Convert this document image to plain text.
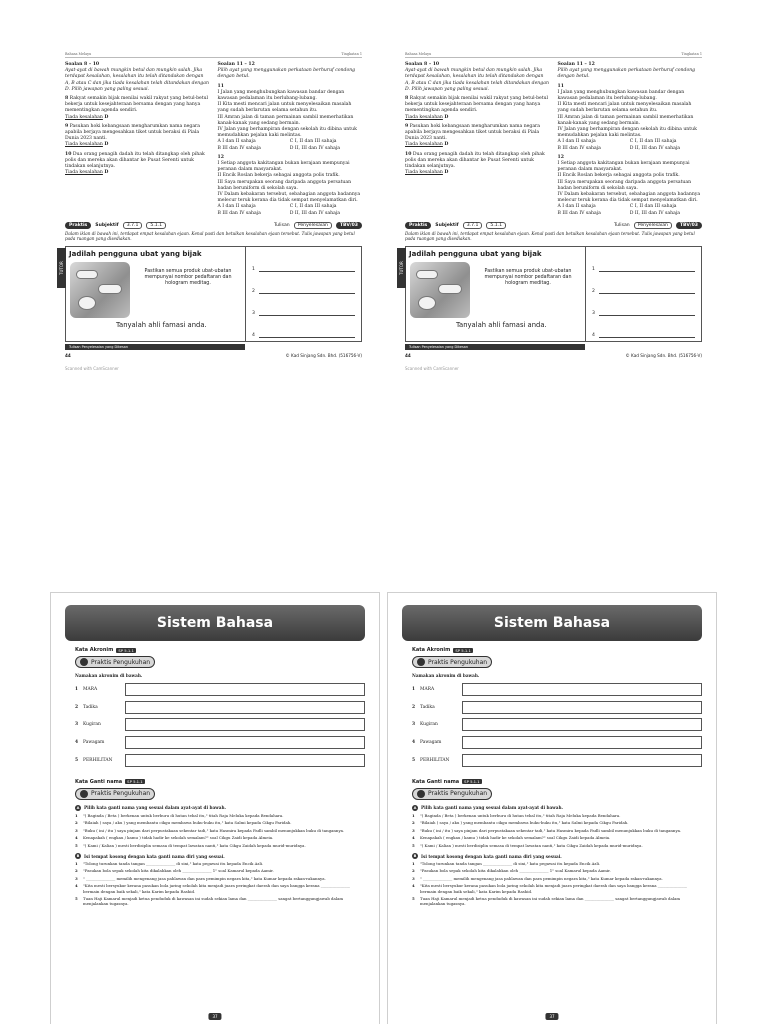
Bahasa Melayu	Tingkatan 1
TUTOR
Soalan 8 – 10
Ayat-ayat di bawah mungkin betul dan mungkin salah. Jika terdapat kesalahan, kesalahan itu telah ditandakan dengan A, B atau C dan jika tiada kesalahan telah ditandakan dengan D. Pilih jawapan yang paling sesuai.
8 Rakyat semakin bijak menilai wakil rakyat yang betul-betul bekerja untuk kesejahteraan bersama dengan yang hanya mementingkan agenda sendiri.
Tiada kesalahan D
9 Pasukan hoki kebangsaan mengharumkan nama negara apabila berjaya mengesahkan tiket untuk beraksi di Piala Dunia 2023 nanti.
Tiada kesalahan D
10 Dua orang penagih dadah itu telah ditangkap oleh pihak polis dan mereka akan dihantar ke Pusat Serenti untuk tindakan selanjutnya.
Tiada kesalahan D
Soalan 11 – 12
Pilih ayat yang menggunakan perkataan berhuruf condong dengan betul.
11
I Jalan yang menghubungkan kawasan bandar dengan kawasan pedalaman itu berlubang-lubang.
II Kita mesti mencari jalan untuk menyelesaikan masalah yang sudah berlarutan selama setahun itu.
III Amran jalan di taman permainan sambil memerhatikan kanak-kanak yang sedang bermain.
IV Jalan yang berhampiran dengan sekolah itu dibina untuk memudahkan pejalan kaki melintas.
A I dan II sahaja	C I, II dan III sahaja
B III dan IV sahaja	D II, III dan IV sahaja
12
I Setiap anggota kakitangan bukan kerajaan mempunyai peranan dalam masyarakat.
II Encik Roslan bekerja sebagai anggota polis trafik.
III Saya merupakan seorang daripada anggota persatuan badan beruniform di sekolah saya.
IV Dalam kebakaran tersebut, sebahagian anggota badannya melecur teruk kerana dia tidak sempat menyelamatkan diri.
A I dan II sahaja	C I, II dan III sahaja
B III dan IV sahaja	D II, III dan IV sahaja
Praktis	Subjektif	3.7.1	5.1.1	Tulisan	Penyelesaian	TBV/03
Dalam iklan di bawah ini, terdapat empat kesalahan ejaan. Kenal pasti dan betulkan kesalahan ejaan tersebut. Tulis jawapan yang betul pada ruangan yang disediakan.
Jadilah pengguna ubat yang bijak
Pastikan semua produk ubat-ubatan mempunyai nombor pedaftaran dan hologram meditag.
Tanyalah ahli famasi anda.
1
2
3
4
Tulisan Penyelesaian yang Dikesan
44	© Kad Sinjang Sdn. Bhd. (516756-V)
Scanned with CamScanner
Bahasa Melayu	Tingkatan 1
TUTOR
Soalan 8 – 10
Ayat-ayat di bawah mungkin betul dan mungkin salah. Jika terdapat kesalahan, kesalahan itu telah ditandakan dengan A, B atau C dan jika tiada kesalahan telah ditandakan dengan D. Pilih jawapan yang paling sesuai.
8 Rakyat semakin bijak menilai wakil rakyat yang betul-betul bekerja untuk kesejahteraan bersama dengan yang hanya mementingkan agenda sendiri.
Tiada kesalahan D
9 Pasukan hoki kebangsaan mengharumkan nama negara apabila berjaya mengesahkan tiket untuk beraksi di Piala Dunia 2023 nanti.
Tiada kesalahan D
10 Dua orang penagih dadah itu telah ditangkap oleh pihak polis dan mereka akan dihantar ke Pusat Serenti untuk tindakan selanjutnya.
Tiada kesalahan D
Soalan 11 – 12
Pilih ayat yang menggunakan perkataan berhuruf condong dengan betul.
11
I Jalan yang menghubungkan kawasan bandar dengan kawasan pedalaman itu berlubang-lubang.
II Kita mesti mencari jalan untuk menyelesaikan masalah yang sudah berlarutan selama setahun itu.
III Amran jalan di taman permainan sambil memerhatikan kanak-kanak yang sedang bermain.
IV Jalan yang berhampiran dengan sekolah itu dibina untuk memudahkan pejalan kaki melintas.
A I dan II sahaja	C I, II dan III sahaja
B III dan IV sahaja	D II, III dan IV sahaja
12
I Setiap anggota kakitangan bukan kerajaan mempunyai peranan dalam masyarakat.
II Encik Roslan bekerja sebagai anggota polis trafik.
III Saya merupakan seorang daripada anggota persatuan badan beruniform di sekolah saya.
IV Dalam kebakaran tersebut, sebahagian anggota badannya melecur teruk kerana dia tidak sempat menyelamatkan diri.
A I dan II sahaja	C I, II dan III sahaja
B III dan IV sahaja	D II, III dan IV sahaja
Praktis	Subjektif	3.7.1	5.1.1	Tulisan	Penyelesaian	TBV/03
Dalam iklan di bawah ini, terdapat empat kesalahan ejaan. Kenal pasti dan betulkan kesalahan ejaan tersebut. Tulis jawapan yang betul pada ruangan yang disediakan.
Jadilah pengguna ubat yang bijak
Pastikan semua produk ubat-ubatan mempunyai nombor pedaftaran dan hologram meditag.
Tanyalah ahli famasi anda.
1
2
3
4
Tulisan Penyelesaian yang Dikesan
44	© Kad Sinjang Sdn. Bhd. (516756-V)
Scanned with CamScanner
Sistem Bahasa
Kata Akronim	SP 5.1.1
Praktis Pengukuhan
Namakan akronim di bawah.
1	MARA
2	Tadika
3	Kugiran
4	Pawagam
5	PERHILITAN
Kata Ganti nama	SP 5.1.1
Praktis Pengukuhan
A	Pilih kata ganti nama yang sesuai dalam ayat-ayat di bawah.
1	"( Baginda / Beta ) berkenan untuk berburu di hutan tebal itu," titah Raja Meluka kepada Bendahara.
2	"Bilaiah ( saya / aku ) yang membantu cikgu membawa buku-buku itu," kata Salmi kepada Cikgu Faridah.
3	"Buku ( ini / itu ) saya pinjam dari perpustakaan sekentar tadi," kata Hasmira kepada Fadli sambil menunjukkan buku di tangannya.
4	Kenapakah ( engkau / kamu ) tidak hadir ke sekolah semalam?" soal Cikgu Zaidi kepada Almeia.
5	"( Kami / Kalian ) mesti berdisiplin semasa di tempat lawatan nanti," kata Cikgu Zaidah kepada murid-muridnya.
B	Isi tempat kosong dengan kata ganti nama diri yang sesuai.
1	"Tolong turunkan tanda tangan _______________ di sini," kata pegawai itu kepada Encik Azli.
2	"Pasukan bola sepak sekolah kita dikalahkan oleh _______________ 1" soal Kamarul kepada Aamir.
3	" _______________ memilih mengenang jasa pahlawan dan para pemimpin negara kita," kata Kumar kepada rakan-rakannya.
4	"Kita mesti bersyukur kerana pasukan bola jaring sekolah kita menjadi juara peringkat daerah dan saya bangga kerana _______________ bermain dengan baik sekali," kata Karim kepada Rashid.
5	Tuan Haji Kamarul menjadi ketua penduduk di kawasan ini sudah sekian lama dan _______________ sangat bertanggungjawab dalam menjalankan tugasnya.
37
Sistem Bahasa
Kata Akronim	SP 5.1.1
Praktis Pengukuhan
Namakan akronim di bawah.
1	MARA
2	Tadika
3	Kugiran
4	Pawagam
5	PERHILITAN
Kata Ganti nama	SP 5.1.1
Praktis Pengukuhan
A	Pilih kata ganti nama yang sesuai dalam ayat-ayat di bawah.
1	"( Baginda / Beta ) berkenan untuk berburu di hutan tebal itu," titah Raja Meluka kepada Bendahara.
2	"Bilaiah ( saya / aku ) yang membantu cikgu membawa buku-buku itu," kata Salmi kepada Cikgu Faridah.
3	"Buku ( ini / itu ) saya pinjam dari perpustakaan sekentar tadi," kata Hasmira kepada Fadli sambil menunjukkan buku di tangannya.
4	Kenapakah ( engkau / kamu ) tidak hadir ke sekolah semalam?" soal Cikgu Zaidi kepada Almeia.
5	"( Kami / Kalian ) mesti berdisiplin semasa di tempat lawatan nanti," kata Cikgu Zaidah kepada murid-muridnya.
B	Isi tempat kosong dengan kata ganti nama diri yang sesuai.
1	"Tolong turunkan tanda tangan _______________ di sini," kata pegawai itu kepada Encik Azli.
2	"Pasukan bola sepak sekolah kita dikalahkan oleh _______________ 1" soal Kamarul kepada Aamir.
3	" _______________ memilih mengenang jasa pahlawan dan para pemimpin negara kita," kata Kumar kepada rakan-rakannya.
4	"Kita mesti bersyukur kerana pasukan bola jaring sekolah kita menjadi juara peringkat daerah dan saya bangga kerana _______________ bermain dengan baik sekali," kata Karim kepada Rashid.
5	Tuan Haji Kamarul menjadi ketua penduduk di kawasan ini sudah sekian lama dan _______________ sangat bertanggungjawab dalam menjalankan tugasnya.
37
